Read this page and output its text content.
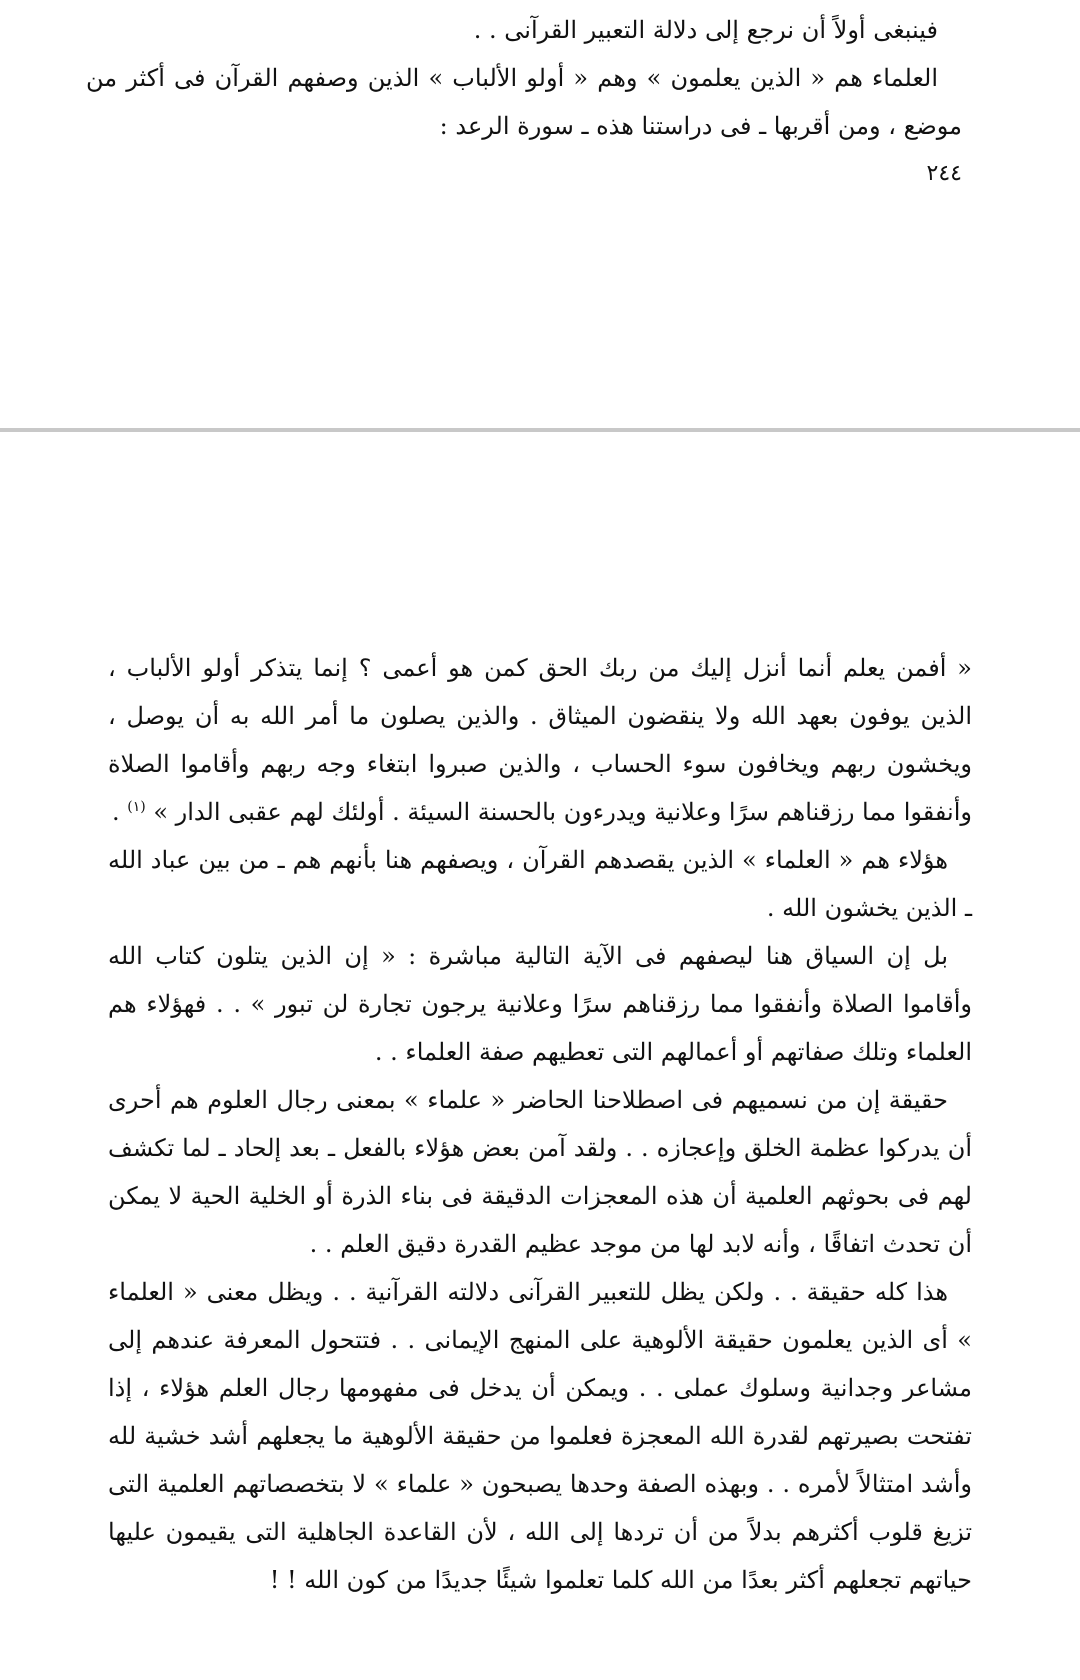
فينبغى أولاً أن نرجع إلى دلالة التعبير القرآنى . .

العلماء هم « الذين يعلمون » وهم « أولو الألباب » الذين وصفهم القرآن فى أكثر من موضع ، ومن أقربها ـ فى دراستنا هذه ـ سورة الرعد :

٢٤٤

« أفمن يعلم أنما أنزل إليك من ربك الحق كمن هو أعمى ؟ إنما يتذكر أولو الألباب ، الذين يوفون بعهد الله ولا ينقضون الميثاق . والذين يصلون ما أمر الله به أن يوصل ، ويخشون ربهم ويخافون سوء الحساب ، والذين صبروا ابتغاء وجه ربهم وأقاموا الصلاة وأنفقوا مما رزقناهم سرًا وعلانية ويدرءون بالحسنة السيئة . أولئك لهم عقبى الدار » $^{(١)}$ .

هؤلاء هم « العلماء » الذين يقصدهم القرآن ، ويصفهم هنا بأنهم هم ـ من بين عباد الله ـ الذين يخشون الله .

بل إن السياق هنا ليصفهم فى الآية التالية مباشرة : « إن الذين يتلون كتاب الله وأقاموا الصلاة وأنفقوا مما رزقناهم سرًا وعلانية يرجون تجارة لن تبور » . . فهؤلاء هم العلماء وتلك صفاتهم أو أعمالهم التى تعطيهم صفة العلماء . .

حقيقة إن من نسميهم فى اصطلاحنا الحاضر « علماء » بمعنى رجال العلوم هم أحرى أن يدركوا عظمة الخلق وإعجازه . . ولقد آمن بعض هؤلاء بالفعل ـ بعد إلحاد ـ لما تكشف لهم فى بحوثهم العلمية أن هذه المعجزات الدقيقة فى بناء الذرة أو الخلية الحية لا يمكن أن تحدث اتفاقًا ، وأنه لابد لها من موجد عظيم القدرة دقيق العلم . .

هذا كله حقيقة . . ولكن يظل للتعبير القرآنى دلالته القرآنية . . ويظل معنى « العلماء » أى الذين يعلمون حقيقة الألوهية على المنهج الإيمانى . . فتتحول المعرفة عندهم إلى مشاعر وجدانية وسلوك عملى . . ويمكن أن يدخل فى مفهومها رجال العلم هؤلاء ، إذا تفتحت بصيرتهم لقدرة الله المعجزة فعلموا من حقيقة الألوهية ما يجعلهم أشد خشية لله وأشد امتثالاً لأمره . . وبهذه الصفة وحدها يصبحون « علماء » لا بتخصصاتهم العلمية التى تزيغ قلوب أكثرهم بدلاً من أن تردها إلى الله ، لأن القاعدة الجاهلية التى يقيمون عليها حياتهم تجعلهم أكثر بعدًا من الله كلما تعلموا شيئًا جديدًا من كون الله ! !
